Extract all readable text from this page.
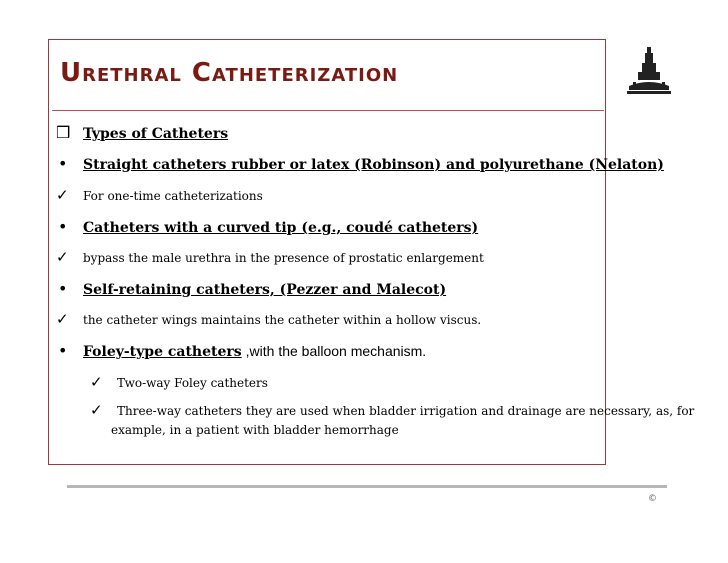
Urethral Catheterization
❒ Types of Catheters
•	Straight catheters rubber or latex (Robinson) and polyurethane (Nelaton)
✓	For one-time catheterizations
•	Catheters with a curved tip (e.g., coudé catheters)
✓	bypass the male urethra in the presence of prostatic enlargement
•	Self-retaining catheters, (Pezzer and Malecot)
✓	the catheter wings maintains the catheter within a hollow viscus.
•	Foley-type catheters ,with the balloon mechanism.
✓	Two-way Foley catheters
✓	Three-way catheters they are used when bladder irrigation and drainage are necessary, as, for
example, in a patient with bladder hemorrhage
©
